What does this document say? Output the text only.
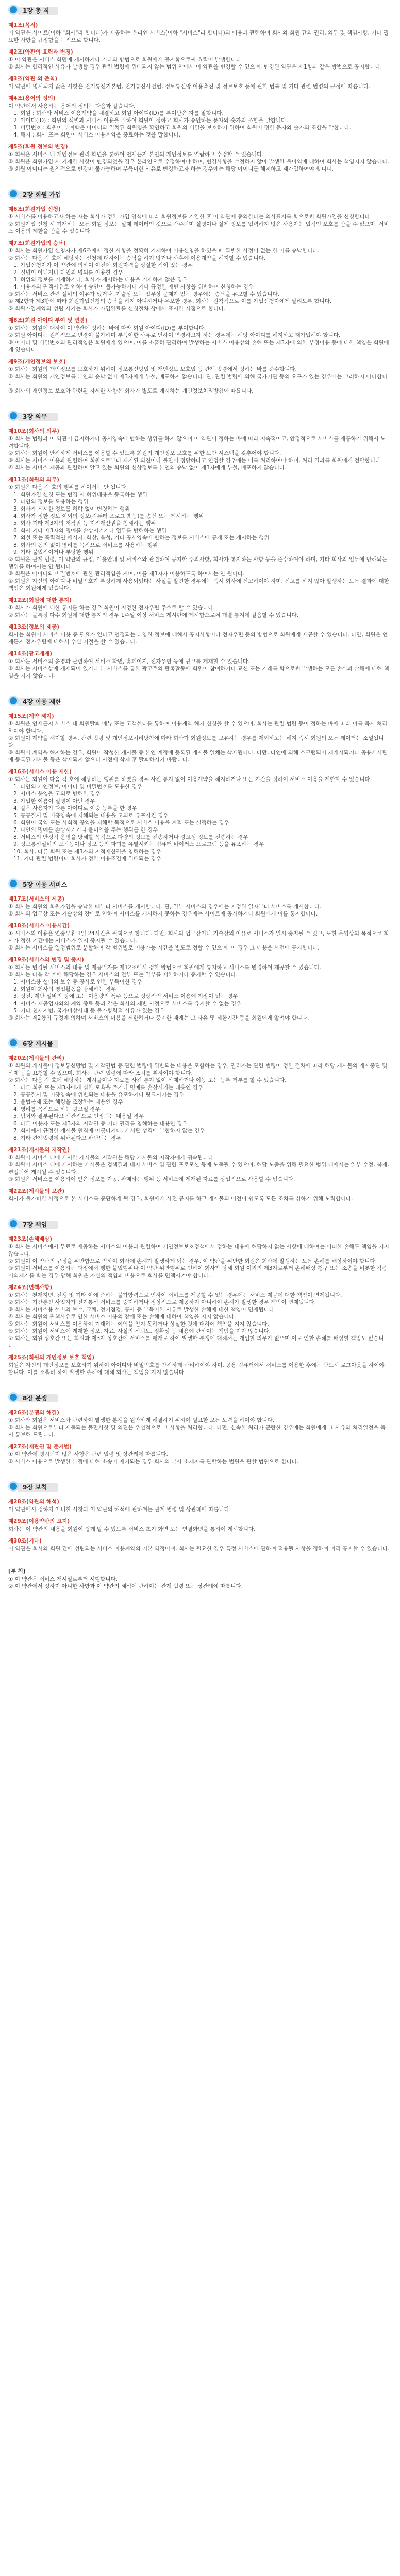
1장 총 칙
제1조(목적)

이 약관은 사이트(이하 "회사"라 합니다)가 제공하는 온라인 서비스(이하 "서비스"라 합니다)의 이용과 관련하여 회사와 회원 간의 권리, 의무 및 책임사항, 기타 필요한 사항을 규정함을 목적으로 합니다.

제2조(약관의 효력과 변경)

① 이 약관은 서비스 화면에 게시하거나 기타의 방법으로 회원에게 공지함으로써 효력이 발생합니다.

② 회사는 합리적인 사유가 발생할 경우 관련 법령에 위배되지 않는 범위 안에서 이 약관을 변경할 수 있으며, 변경된 약관은 제1항과 같은 방법으로 공지합니다.

제3조(약관 외 준칙)

이 약관에 명시되지 않은 사항은 전기통신기본법, 전기통신사업법, 정보통신망 이용촉진 및 정보보호 등에 관한 법률 및 기타 관련 법령의 규정에 따릅니다.

제4조(용어의 정의)

이 약관에서 사용하는 용어의 정의는 다음과 같습니다.

1. 회원 : 회사와 서비스 이용계약을 체결하고 회원 아이디(ID)를 부여받은 자를 말합니다.

2. 아이디(ID) : 회원의 식별과 서비스 이용을 위하여 회원이 정하고 회사가 승인하는 문자와 숫자의 조합을 말합니다.

3. 비밀번호 : 회원이 부여받은 아이디와 일치된 회원임을 확인하고 회원의 비밀을 보호하기 위하여 회원이 정한 문자와 숫자의 조합을 말합니다.

4. 해지 : 회사 또는 회원이 서비스 이용계약을 종료하는 것을 말합니다.

제5조(회원 정보의 변경)

① 회원은 서비스 내 개인정보 관리 화면을 통하여 언제든지 본인의 개인정보를 열람하고 수정할 수 있습니다.

② 회원은 회원가입 시 기재한 사항이 변경되었을 경우 온라인으로 수정하여야 하며, 변경사항을 수정하지 않아 발생한 불이익에 대하여 회사는 책임지지 않습니다.

③ 회원 아이디는 원칙적으로 변경이 불가능하며 부득이한 사유로 변경하고자 하는 경우에는 해당 아이디를 해지하고 재가입하여야 합니다.

2장 회원 가입
제6조(회원가입 신청)

① 서비스를 이용하고자 하는 자는 회사가 정한 가입 양식에 따라 회원정보를 기입한 후 이 약관에 동의한다는 의사표시를 함으로써 회원가입을 신청합니다.

② 회원가입 신청 시 기재하는 모든 회원 정보는 실제 데이터인 것으로 간주되며 실명이나 실제 정보를 입력하지 않은 사용자는 법적인 보호를 받을 수 없으며, 서비스 이용의 제한을 받을 수 있습니다.

제7조(회원가입의 승낙)

① 회사는 회원가입 신청자가 제6조에서 정한 사항을 정확히 기재하여 이용신청을 하였을 때 특별한 사정이 없는 한 이를 승낙합니다.

② 회사는 다음 각 호에 해당하는 신청에 대하여는 승낙을 하지 않거나 사후에 이용계약을 해지할 수 있습니다.

1. 가입신청자가 이 약관에 의하여 이전에 회원자격을 상실한 적이 있는 경우

2. 실명이 아니거나 타인의 명의를 이용한 경우

3. 허위의 정보를 기재하거나, 회사가 제시하는 내용을 기재하지 않은 경우

4. 이용자의 귀책사유로 인하여 승인이 불가능하거나 기타 규정한 제반 사항을 위반하며 신청하는 경우

③ 회사는 서비스 관련 설비의 여유가 없거나, 기술상 또는 업무상 문제가 있는 경우에는 승낙을 유보할 수 있습니다.

④ 제2항과 제3항에 따라 회원가입신청의 승낙을 하지 아니하거나 유보한 경우, 회사는 원칙적으로 이를 가입신청자에게 알리도록 합니다.

⑤ 회원가입계약의 성립 시기는 회사가 가입완료를 신청절차 상에서 표시한 시점으로 합니다.

제8조(회원 아이디 부여 및 변경)

① 회사는 회원에 대하여 이 약관에 정하는 바에 따라 회원 아이디(ID)를 부여합니다.

② 회원 아이디는 원칙적으로 변경이 불가하며 부득이한 사유로 인하여 변경하고자 하는 경우에는 해당 아이디를 해지하고 재가입해야 합니다.

③ 아이디 및 비밀번호의 관리책임은 회원에게 있으며, 이를 소홀히 관리하여 발생하는 서비스 이용상의 손해 또는 제3자에 의한 부정이용 등에 대한 책임은 회원에게 있습니다.

제9조(개인정보의 보호)

① 회사는 회원의 개인정보를 보호하기 위하여 정보통신망법 및 개인정보 보호법 등 관계 법령에서 정하는 바를 준수합니다.

② 회사는 회원의 개인정보를 본인의 승낙 없이 제3자에게 누설, 배포하지 않습니다. 단, 관련 법령에 의해 국가기관 등의 요구가 있는 경우에는 그러하지 아니합니다.

③ 회사의 개인정보 보호와 관련된 자세한 사항은 회사가 별도로 게시하는 개인정보처리방침에 따릅니다.

3장 의무
제10조(회사의 의무)

① 회사는 법령과 이 약관이 금지하거나 공서양속에 반하는 행위를 하지 않으며 이 약관이 정하는 바에 따라 지속적이고, 안정적으로 서비스를 제공하기 위해서 노력합니다.

② 회사는 회원이 안전하게 서비스를 이용할 수 있도록 회원의 개인정보 보호를 위한 보안 시스템을 갖추어야 합니다.

③ 회사는 서비스 이용과 관련하여 회원으로부터 제기된 의견이나 불만이 정당하다고 인정할 경우에는 이를 처리하여야 하며, 처리 결과를 회원에게 전달합니다.

④ 회사는 서비스 제공과 관련하여 알고 있는 회원의 신상정보를 본인의 승낙 없이 제3자에게 누설, 배포하지 않습니다.

제11조(회원의 의무)

① 회원은 다음 각 호의 행위를 하여서는 안 됩니다.

1. 회원가입 신청 또는 변경 시 허위내용을 등록하는 행위

2. 타인의 정보를 도용하는 행위

3. 회사가 게시한 정보를 허락 없이 변경하는 행위

4. 회사가 정한 정보 이외의 정보(컴퓨터 프로그램 등)를 송신 또는 게시하는 행위

5. 회사 기타 제3자의 저작권 등 지적재산권을 침해하는 행위

6. 회사 기타 제3자의 명예를 손상시키거나 업무를 방해하는 행위

7. 외설 또는 폭력적인 메시지, 화상, 음성, 기타 공서양속에 반하는 정보를 서비스에 공개 또는 게시하는 행위

8. 회사의 동의 없이 영리를 목적으로 서비스를 사용하는 행위

9. 기타 불법적이거나 부당한 행위

② 회원은 관계 법령, 이 약관의 규정, 이용안내 및 서비스와 관련하여 공지한 주의사항, 회사가 통지하는 사항 등을 준수하여야 하며, 기타 회사의 업무에 방해되는 행위를 하여서는 안 됩니다.

③ 회원은 아이디와 비밀번호에 관한 관리책임을 지며, 이를 제3자가 이용하도록 하여서는 안 됩니다.

④ 회원은 자신의 아이디나 비밀번호가 부정하게 사용되었다는 사실을 발견한 경우에는 즉시 회사에 신고하여야 하며, 신고를 하지 않아 발생하는 모든 결과에 대한 책임은 회원에게 있습니다.

제12조(회원에 대한 통지)

① 회사가 회원에 대한 통지를 하는 경우 회원이 지정한 전자우편 주소로 할 수 있습니다.

② 회사는 불특정 다수 회원에 대한 통지의 경우 1주일 이상 서비스 게시판에 게시함으로써 개별 통지에 갈음할 수 있습니다.

제13조(정보의 제공)

회사는 회원이 서비스 이용 중 필요가 있다고 인정되는 다양한 정보에 대해서 공지사항이나 전자우편 등의 방법으로 회원에게 제공할 수 있습니다. 다만, 회원은 언제든지 전자우편에 대해서 수신 거절을 할 수 있습니다.

제14조(광고게재)

① 회사는 서비스의 운영과 관련하여 서비스 화면, 홈페이지, 전자우편 등에 광고를 게재할 수 있습니다.

② 회사는 서비스상에 게재되어 있거나 본 서비스를 통한 광고주의 판촉활동에 회원이 참여하거나 교신 또는 거래를 함으로써 발생하는 모든 손실과 손해에 대해 책임을 지지 않습니다.

4장 이용 제한
제15조(계약 해지)

① 회원은 언제든지 서비스 내 회원탈퇴 메뉴 또는 고객센터를 통하여 이용계약 해지 신청을 할 수 있으며, 회사는 관련 법령 등이 정하는 바에 따라 이를 즉시 처리하여야 합니다.

② 회원이 계약을 해지할 경우, 관련 법령 및 개인정보처리방침에 따라 회사가 회원정보를 보유하는 경우를 제외하고는 해지 즉시 회원의 모든 데이터는 소멸됩니다.

③ 회원이 계약을 해지하는 경우, 회원이 작성한 게시물 중 본인 계정에 등록된 게시물 일체는 삭제됩니다. 다만, 타인에 의해 스크랩되어 재게시되거나 공용게시판에 등록된 게시물 등은 삭제되지 않으니 사전에 삭제 후 탈퇴하시기 바랍니다.

제16조(서비스 이용 제한)

① 회사는 회원이 다음 각 호에 해당하는 행위를 하였을 경우 사전 통지 없이 이용계약을 해지하거나 또는 기간을 정하여 서비스 이용을 제한할 수 있습니다.

1. 타인의 개인정보, 아이디 및 비밀번호를 도용한 경우

2. 서비스 운영을 고의로 방해한 경우

3. 가입한 이름이 실명이 아닌 경우

4. 같은 사용자가 다른 아이디로 이중 등록을 한 경우

5. 공공질서 및 미풍양속에 저해되는 내용을 고의로 유포시킨 경우

6. 회원이 국익 또는 사회적 공익을 저해할 목적으로 서비스 이용을 계획 또는 실행하는 경우

7. 타인의 명예를 손상시키거나 불이익을 주는 행위를 한 경우

8. 서비스의 안정적 운영을 방해할 목적으로 다량의 정보를 전송하거나 광고성 정보를 전송하는 경우

9. 정보통신설비의 오작동이나 정보 등의 파괴를 유발시키는 컴퓨터 바이러스 프로그램 등을 유포하는 경우

10. 회사, 다른 회원 또는 제3자의 지적재산권을 침해하는 경우

11. 기타 관련 법령이나 회사가 정한 이용조건에 위배되는 경우

5장 이용 서비스
제17조(서비스의 제공)

① 회사는 회원의 회원가입을 승낙한 때부터 서비스를 개시합니다. 단, 일부 서비스의 경우에는 지정된 일자부터 서비스를 개시합니다.

② 회사의 업무상 또는 기술상의 장애로 인하여 서비스를 개시하지 못하는 경우에는 사이트에 공시하거나 회원에게 이를 통지합니다.

제18조(서비스 이용시간)

① 서비스의 이용은 연중무휴 1일 24시간을 원칙으로 합니다. 다만, 회사의 업무상이나 기술상의 이유로 서비스가 일시 중지될 수 있고, 또한 운영상의 목적으로 회사가 정한 기간에는 서비스가 일시 중지될 수 있습니다.

② 회사는 서비스를 일정범위로 분할하여 각 범위별로 이용가능 시간을 별도로 정할 수 있으며, 이 경우 그 내용을 사전에 공지합니다.

제19조(서비스의 변경 및 중지)

① 회사는 변경될 서비스의 내용 및 제공일자를 제12조에서 정한 방법으로 회원에게 통지하고 서비스를 변경하여 제공할 수 있습니다.

② 회사는 다음 각 호에 해당하는 경우 서비스의 전부 또는 일부를 제한하거나 중지할 수 있습니다.

1. 서비스용 설비의 보수 등 공사로 인한 부득이한 경우

2. 회원이 회사의 영업활동을 방해하는 경우

3. 정전, 제반 설비의 장애 또는 이용량의 폭주 등으로 정상적인 서비스 이용에 지장이 있는 경우

4. 서비스 제공업자와의 계약 종료 등과 같은 회사의 제반 사정으로 서비스를 유지할 수 없는 경우

5. 기타 천재지변, 국가비상사태 등 불가항력적 사유가 있는 경우

③ 회사는 제2항의 규정에 의하여 서비스의 이용을 제한하거나 중지한 때에는 그 사유 및 제한기간 등을 회원에게 알려야 합니다.

6장 게시물
제20조(게시물의 관리)

① 회원의 게시물이 정보통신망법 및 저작권법 등 관련 법령에 위반되는 내용을 포함하는 경우, 권리자는 관련 법령이 정한 절차에 따라 해당 게시물의 게시중단 및 삭제 등을 요청할 수 있으며, 회사는 관련 법령에 따라 조치를 취하여야 합니다.

② 회사는 다음 각 호에 해당하는 게시물이나 자료를 사전 통지 없이 삭제하거나 이동 또는 등록 거부를 할 수 있습니다.

1. 다른 회원 또는 제3자에게 심한 모욕을 주거나 명예를 손상시키는 내용인 경우

2. 공공질서 및 미풍양속에 위반되는 내용을 유포하거나 링크시키는 경우

3. 불법복제 또는 해킹을 조장하는 내용인 경우

4. 영리를 목적으로 하는 광고일 경우

5. 범죄와 결부된다고 객관적으로 인정되는 내용일 경우

6. 다른 이용자 또는 제3자의 저작권 등 기타 권리를 침해하는 내용인 경우

7. 회사에서 규정한 게시물 원칙에 어긋나거나, 게시판 성격에 부합하지 않는 경우

8. 기타 관계법령에 위배된다고 판단되는 경우

제21조(게시물의 저작권)

① 회원이 서비스 내에 게시한 게시물의 저작권은 해당 게시물의 저작자에게 귀속됩니다.

② 회원이 서비스 내에 게시하는 게시물은 검색결과 내지 서비스 및 관련 프로모션 등에 노출될 수 있으며, 해당 노출을 위해 필요한 범위 내에서는 일부 수정, 복제, 편집되어 게시될 수 있습니다.

③ 회원은 서비스를 이용하여 얻은 정보를 가공, 판매하는 행위 등 서비스에 게재된 자료를 상업적으로 사용할 수 없습니다.

제22조(게시물의 보관)

회사가 불가피한 사정으로 본 서비스를 중단하게 될 경우, 회원에게 사전 공지를 하고 게시물의 이전이 쉽도록 모든 조치를 취하기 위해 노력합니다.

7장 책임
제23조(손해배상)

① 회사는 서비스에서 무료로 제공하는 서비스의 이용과 관련하여 개인정보보호정책에서 정하는 내용에 해당하지 않는 사항에 대하여는 어떠한 손해도 책임을 지지 않습니다.

② 회원이 이 약관의 규정을 위반함으로 인하여 회사에 손해가 발생하게 되는 경우, 이 약관을 위반한 회원은 회사에 발생하는 모든 손해를 배상하여야 합니다.

③ 회원이 서비스를 이용하는 과정에서 행한 불법행위나 이 약관 위반행위로 인하여 회사가 당해 회원 이외의 제3자로부터 손해배상 청구 또는 소송을 비롯한 각종 이의제기를 받는 경우 당해 회원은 자신의 책임과 비용으로 회사를 면책시켜야 합니다.

제24조(면책사항)

① 회사는 천재지변, 전쟁 및 기타 이에 준하는 불가항력으로 인하여 서비스를 제공할 수 없는 경우에는 서비스 제공에 대한 책임이 면제됩니다.

② 회사는 기간통신 사업자가 전기통신 서비스를 중지하거나 정상적으로 제공하지 아니하여 손해가 발생한 경우 책임이 면제됩니다.

③ 회사는 서비스용 설비의 보수, 교체, 정기점검, 공사 등 부득이한 사유로 발생한 손해에 대한 책임이 면제됩니다.

④ 회사는 회원의 귀책사유로 인한 서비스 이용의 장애 또는 손해에 대하여 책임을 지지 않습니다.

⑤ 회사는 회원이 서비스를 이용하여 기대하는 이익을 얻지 못하거나 상실한 것에 대하여 책임을 지지 않습니다.

⑥ 회사는 회원이 서비스에 게재한 정보, 자료, 사실의 신뢰도, 정확성 등 내용에 관하여는 책임을 지지 않습니다.

⑦ 회사는 회원 상호간 또는 회원과 제3자 상호간에 서비스를 매개로 하여 발생한 분쟁에 대해서는 개입할 의무가 없으며 이로 인한 손해를 배상할 책임도 없습니다.

제25조(회원의 개인정보 보호 책임)

회원은 자신의 개인정보를 보호하기 위하여 아이디와 비밀번호를 안전하게 관리하여야 하며, 공용 컴퓨터에서 서비스를 이용한 후에는 반드시 로그아웃을 하여야 합니다. 이를 소홀히 하여 발생한 손해에 대해 회사는 책임을 지지 않습니다.

8장 분쟁
제26조(분쟁의 해결)

① 회사와 회원은 서비스와 관련하여 발생한 분쟁을 원만하게 해결하기 위하여 필요한 모든 노력을 하여야 합니다.

② 회사는 회원으로부터 제출되는 불만사항 및 의견은 우선적으로 그 사항을 처리합니다. 다만, 신속한 처리가 곤란한 경우에는 회원에게 그 사유와 처리일정을 즉시 통보해 드립니다.

제27조(재판권 및 준거법)

① 이 약관에 명시되지 않은 사항은 관련 법령 및 상관례에 따릅니다.

② 서비스 이용으로 발생한 분쟁에 대해 소송이 제기되는 경우 회사의 본사 소재지를 관할하는 법원을 관할 법원으로 합니다.

9장 보칙
제28조(약관의 해석)

이 약관에서 정하지 아니한 사항과 이 약관의 해석에 관하여는 관계 법령 및 상관례에 따릅니다.

제29조(이용약관의 고지)

회사는 이 약관의 내용을 회원이 쉽게 알 수 있도록 서비스 초기 화면 또는 연결화면을 통하여 게시합니다.

제30조(기타)

이 약관은 회사와 회원 간에 성립되는 서비스 이용계약의 기본 약정이며, 회사는 필요한 경우 특정 서비스에 관하여 적용될 사항을 정하여 미리 공지할 수 있습니다.

[부 칙]

① 이 약관은 서비스 개시일로부터 시행합니다.

② 이 약관에서 정하지 아니한 사항과 이 약관의 해석에 관하여는 관계 법령 또는 상관례에 따릅니다.
